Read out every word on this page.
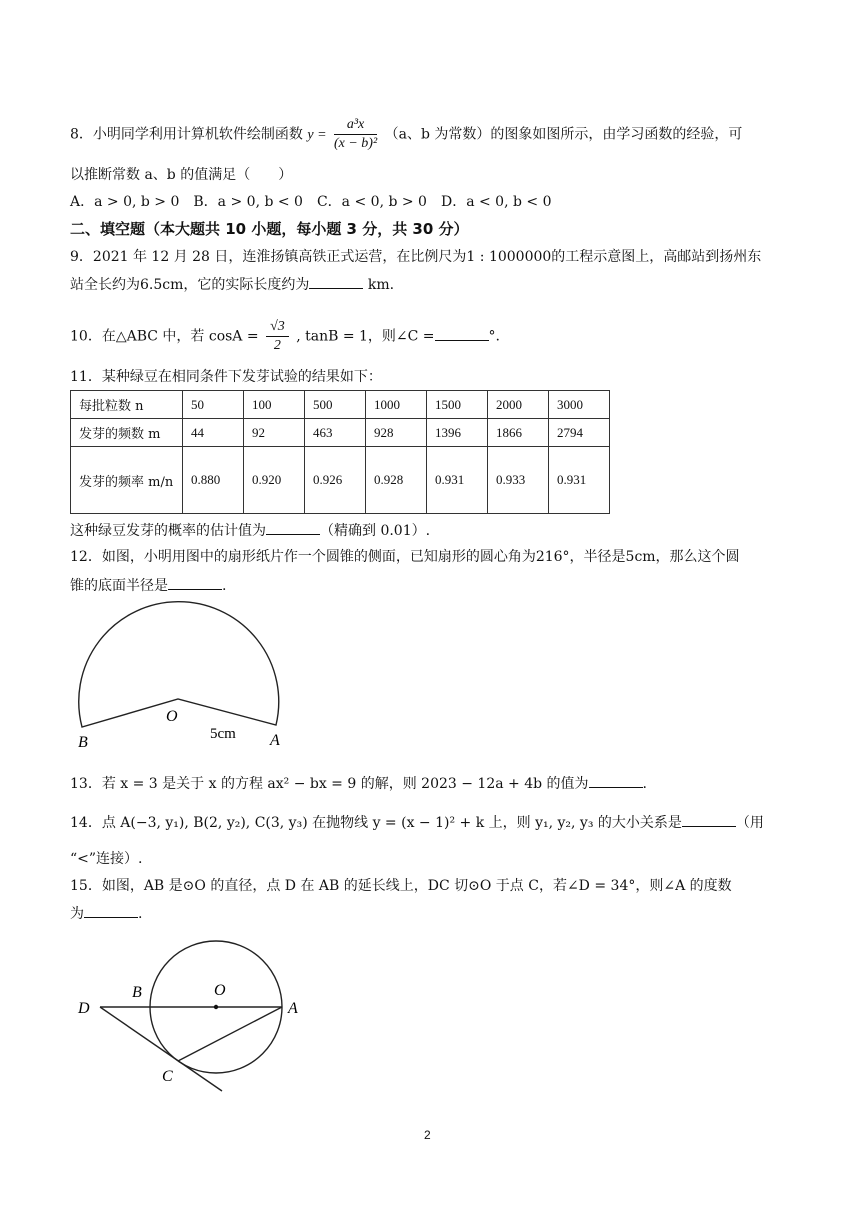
8．小明同学利用计算机软件绘制函数 $y = \frac{\text{a³x}}{\text{(x − b)²}} (a$、b 为常数）的图象如图所示，由学习函数的经验，可
以推断常数 a、b 的值满足（　　）
A．a > 0, b > 0　B．a > 0, b < 0　C．a < 0, b > 0　D．a < 0, b < 0
二、填空题（本大题共 10 小题，每小题 3 分，共 30 分）
9．2021 年 12 月 28 日，连淮扬镇高铁正式运营，在比例尺为1 : 1000000的工程示意图上，高邮站到扬州东
站全长约为6.5cm，它的实际长度约为	km.
10．在△ABC 中，若 $\cos A = \frac{√3}{2}$ , tanB = 1，则∠C =	°.
11．某种绿豆在相同条件下发芽试验的结果如下：
每批粒数 n	50	100	500	1000	1500	2000	3000
发芽的频数 m	44	92	463	928	1396	1866	2794
发芽的频率 m/n	0.880	0.920	0.926	0.928	0.931	0.933	0.931
这种绿豆发芽的概率的估计值为	（精确到 0.01）.
12．如图，小明用图中的扇形纸片作一个圆锥的侧面，已知扇形的圆心角为216°，半径是5cm，那么这个圆
锥的底面半径是	.
O
B	A
5cm
13．若 x = 3 是关于 x 的方程 ax² − bx = 9 的解，则 2023 − 12a + 4b 的值为	.
14．点 A(−3, y₁), B(2, y₂), C(3, y₃) 在抛物线 y = (x − 1)² + k 上，则 y₁, y₂, y₃ 的大小关系是	（用
“<”连接）.
15．如图，AB 是⊙O 的直径，点 D 在 AB 的延长线上，DC 切⊙O 于点 C，若∠D = 34°，则∠A 的度数
为	.
D
B	O
A
C
2
